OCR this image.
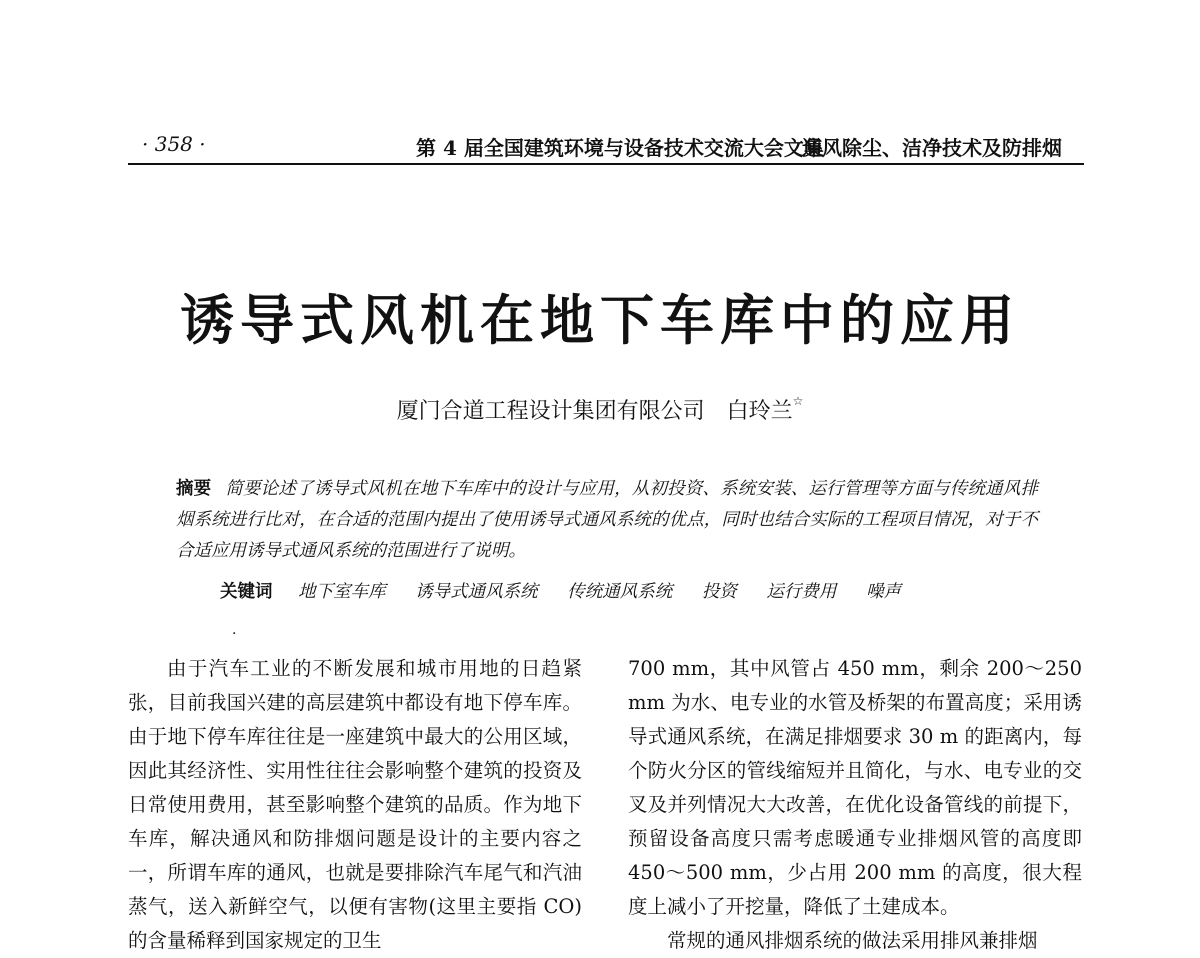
· 358 ·	第 4 届全国建筑环境与设备技术交流大会文集
通风除尘、洁净技术及防排烟
诱导式风机在地下车库中的应用
厦门合道工程设计集团有限公司　白玲兰☆
摘要 简要论述了诱导式风机在地下车库中的设计与应用，从初投资、系统安装、运行管理等方面与传统通风排烟系统进行比对，在合适的范围内提出了使用诱导式通风系统的优点，同时也结合实际的工程项目情况，对于不合适应用诱导式通风系统的范围进行了说明。
关键词 地下室车库 诱导式通风系统 传统通风系统 投资 运行费用 噪声
·

由于汽车工业的不断发展和城市用地的日趋紧张，目前我国兴建的高层建筑中都设有地下停车库。由于地下停车库往往是一座建筑中最大的公用区域，因此其经济性、实用性往往会影响整个建筑的投资及日常使用费用，甚至影响整个建筑的品质。作为地下车库，解决通风和防排烟问题是设计的主要内容之一，所谓车库的通风，也就是要排除汽车尾气和汽油蒸气，送入新鲜空气，以便有害物(这里主要指 CO)的含量稀释到国家规定的卫生

700 mm，其中风管占 450 mm，剩余 200～250 mm 为水、电专业的水管及桥架的布置高度；采用诱导式通风系统，在满足排烟要求 30 m 的距离内，每个防火分区的管线缩短并且简化，与水、电专业的交叉及并列情况大大改善，在优化设备管线的前提下，预留设备高度只需考虑暖通专业排烟风管的高度即 450～500 mm，少占用 200 mm 的高度，很大程度上减小了开挖量，降低了土建成本。

常规的通风排烟系统的做法采用排风兼排烟
